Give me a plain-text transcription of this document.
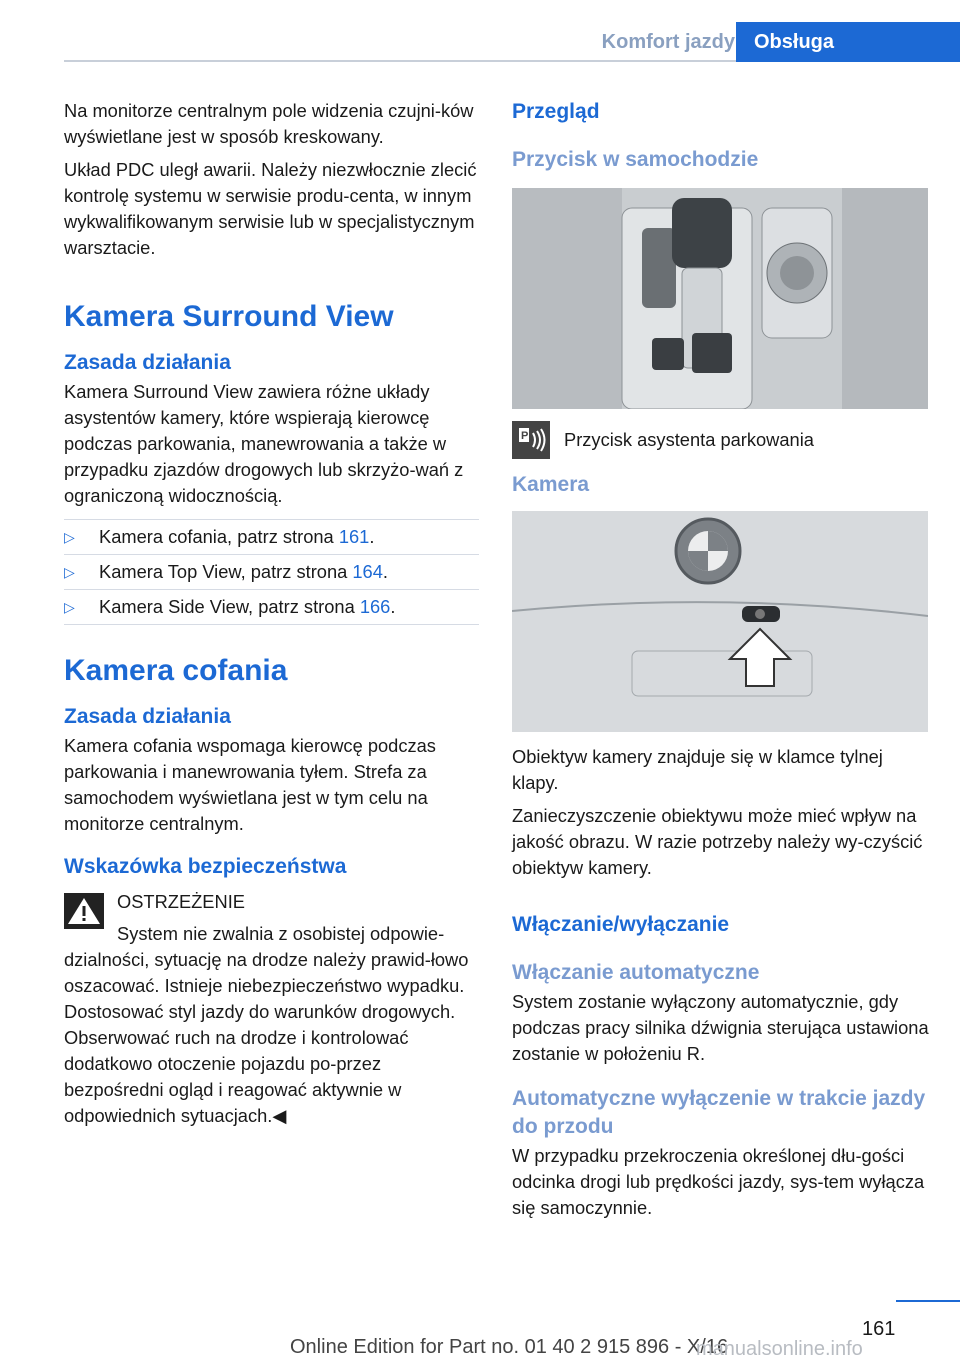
Komfort jazdy Obsługa

Na monitorze centralnym pole widzenia czujni-ków wyświetlane jest w sposób kreskowany.

Układ PDC uległ awarii. Należy niezwłocznie zlecić kontrolę systemu w serwisie produ-centa, w innym wykwalifikowanym serwisie lub w specjalistycznym warsztacie.

Kamera Surround View
Zasada działania

Kamera Surround View zawiera różne układy asystentów kamery, które wspierają kierowcę podczas parkowania, manewrowania a także w przypadku zjazdów drogowych lub skrzyżo-wań z ograniczoną widocznością.

▷ Kamera cofania, patrz strona 161.
▷ Kamera Top View, patrz strona 164.
▷ Kamera Side View, patrz strona 166.
Kamera cofania
Zasada działania

Kamera cofania wspomaga kierowcę podczas parkowania i manewrowania tyłem. Strefa za samochodem wyświetlana jest w tym celu na monitorze centralnym.

Wskazówka bezpieczeństwa
OSTRZEŻENIE

System nie zwalnia z osobistej odpowie-dzialności, sytuację na drodze należy prawid-łowo oszacować. Istnieje niebezpieczeństwo wypadku. Dostosować styl jazdy do warunków drogowych. Obserwować ruch na drodze i kontrolować dodatkowo otoczenie pojazdu po-przez bezpośredni ogląd i reagować aktywnie w odpowiednich sytuacjach.◀

Przegląd
Przycisk w samochodzie
P Przycisk asystenta parkowania
Kamera

Obiektyw kamery znajduje się w klamce tylnej klapy.

Zanieczyszczenie obiektywu może mieć wpływ na jakość obrazu. W razie potrzeby należy wy-czyścić obiektyw kamery.

Włączanie/wyłączanie
Włączanie automatyczne

System zostanie wyłączony automatycznie, gdy podczas pracy silnika dźwignia sterująca ustawiona zostanie w położeniu R.

Automatyczne wyłączenie w trakcie jazdy do przodu

W przypadku przekroczenia określonej dłu-gości odcinka drogi lub prędkości jazdy, sys-tem wyłącza się samoczynnie.

161
Online Edition for Part no. 01 40 2 915 896 - X/16
manualsonline.info
